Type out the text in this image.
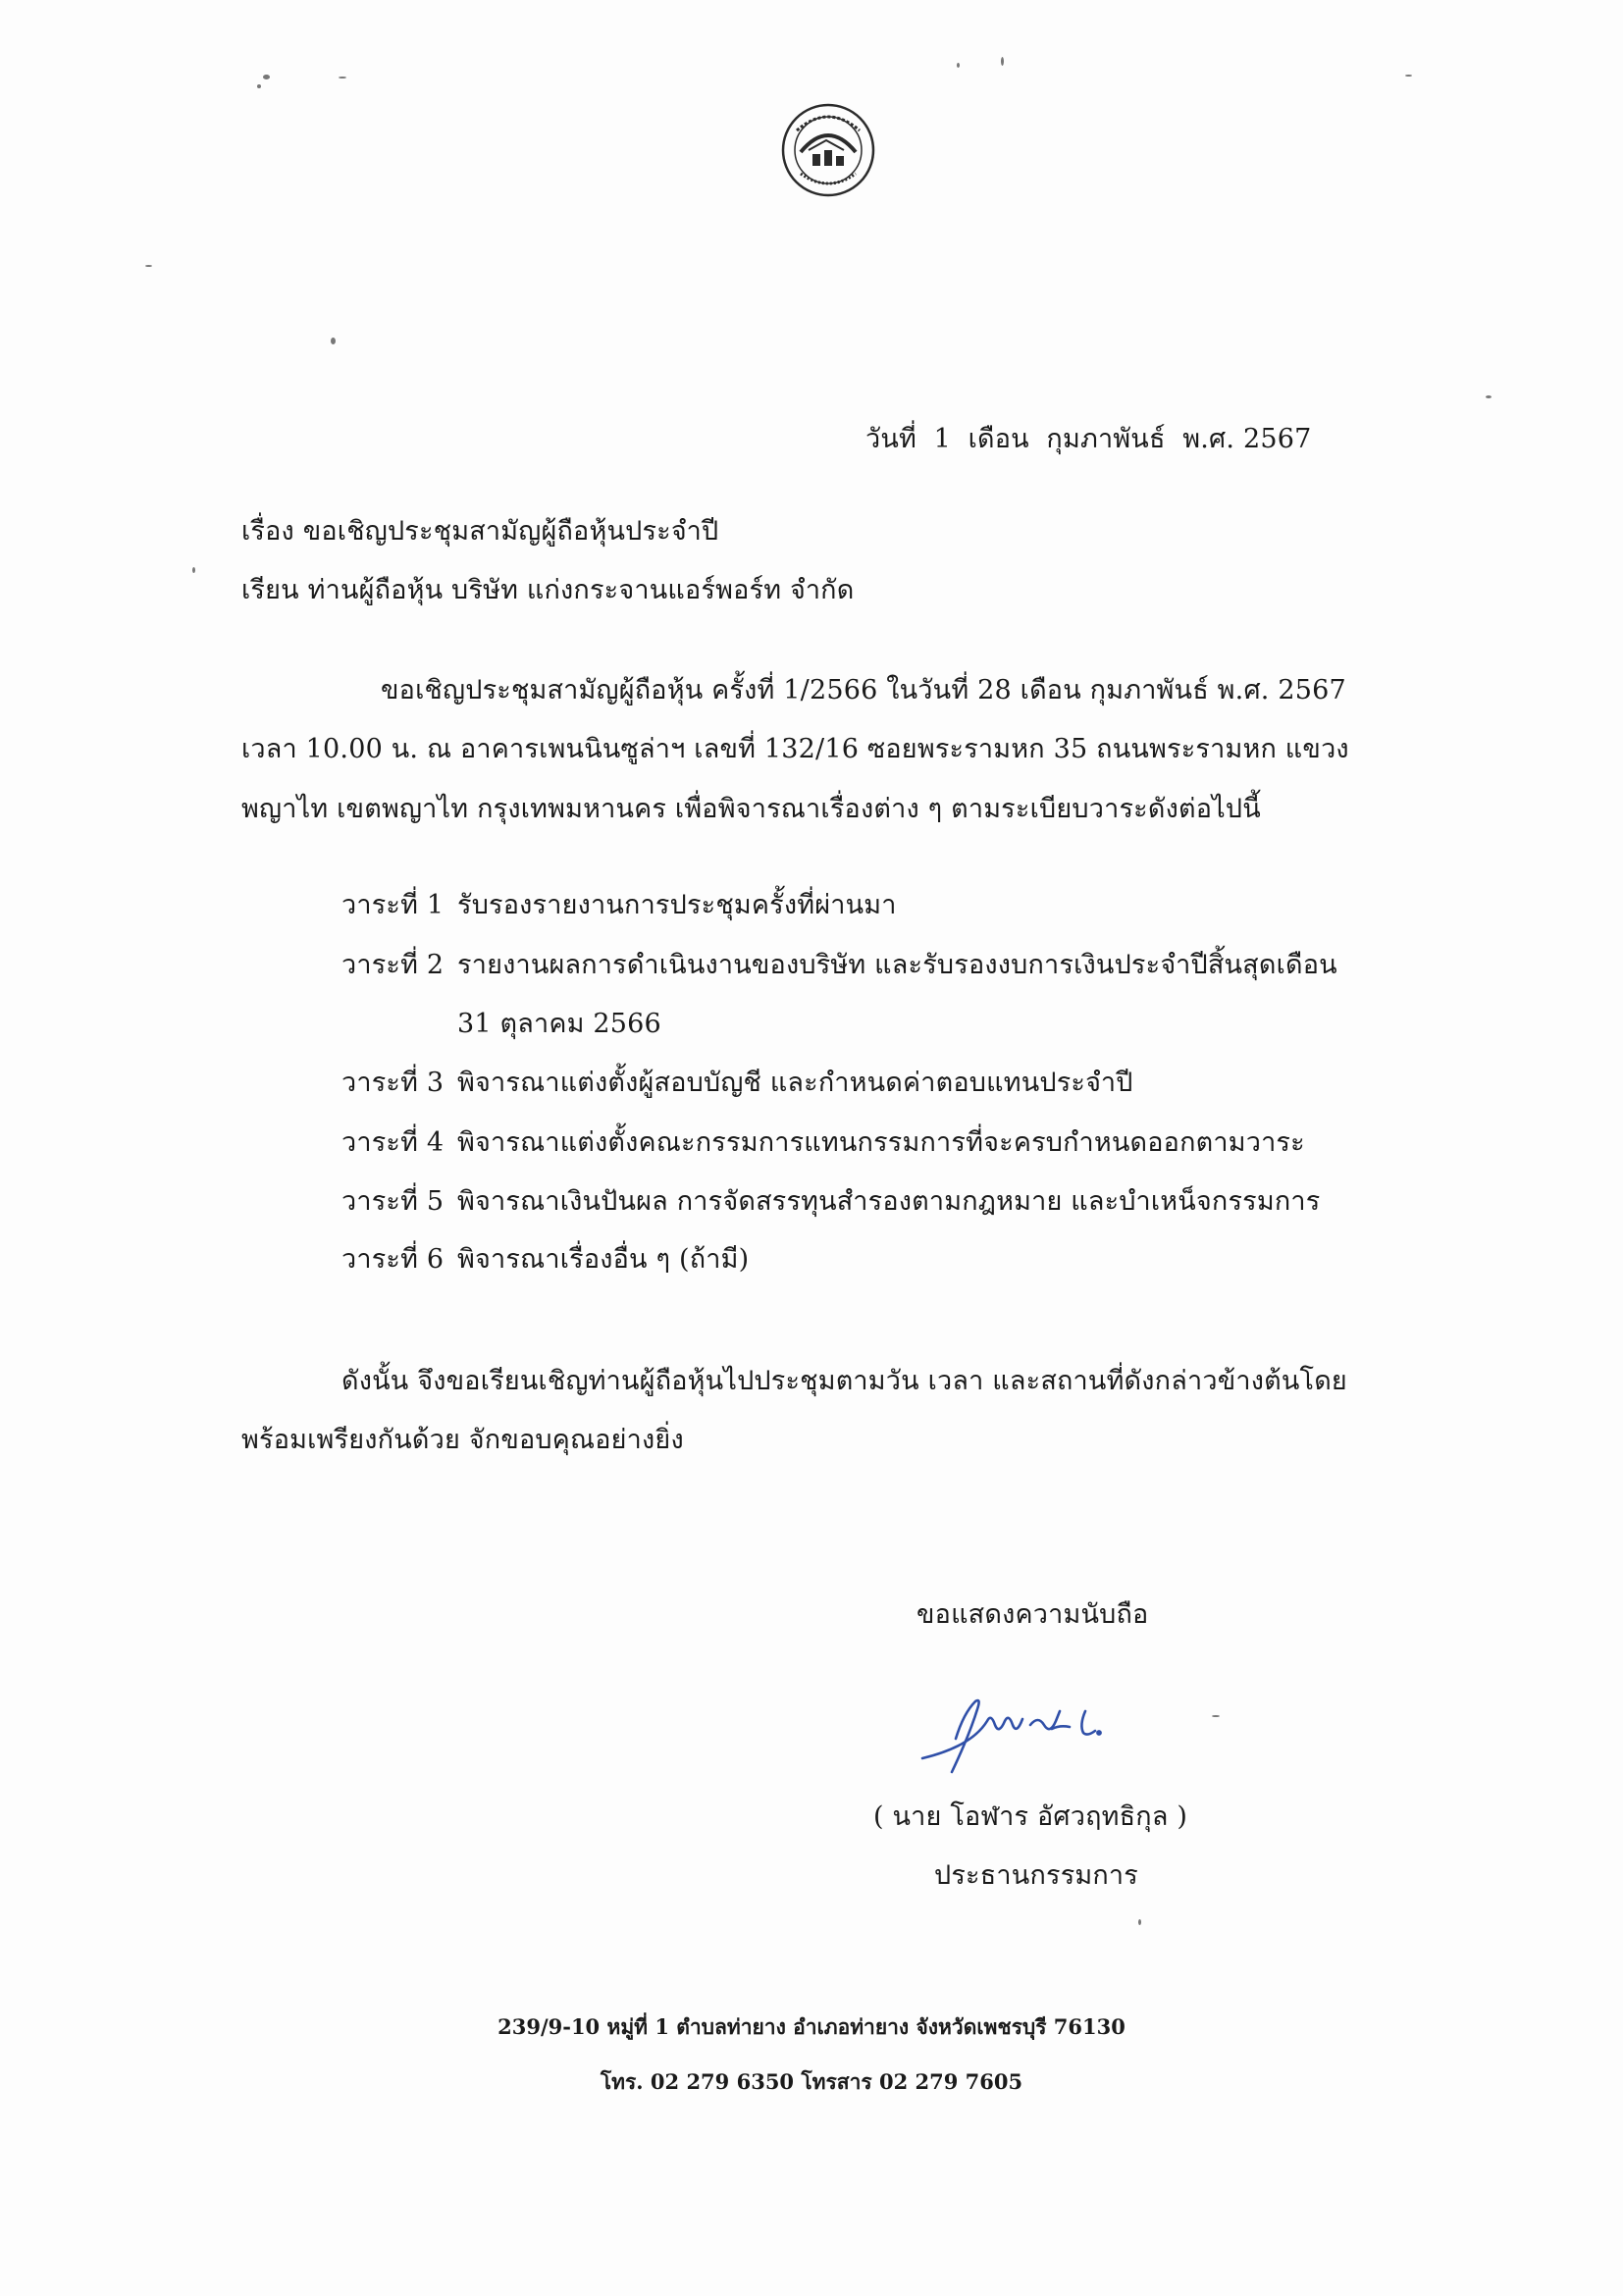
วันที่ 1 เดือน กุมภาพันธ์ พ.ศ. 2567
เรื่อง ขอเชิญประชุมสามัญผู้ถือหุ้นประจำปี
เรียน ท่านผู้ถือหุ้น บริษัท แก่งกระจานแอร์พอร์ท จำกัด
ขอเชิญประชุมสามัญผู้ถือหุ้น ครั้งที่ 1/2566 ในวันที่ 28 เดือน กุมภาพันธ์ พ.ศ. 2567
เวลา 10.00 น. ณ อาคารเพนนินซูล่าฯ เลขที่ 132/16 ซอยพระรามหก 35 ถนนพระรามหก แขวง
พญาไท เขตพญาไท กรุงเทพมหานคร เพื่อพิจารณาเรื่องต่าง ๆ ตามระเบียบวาระดังต่อไปนี้
วาระที่ 1 รับรองรายงานการประชุมครั้งที่ผ่านมา
วาระที่ 2 รายงานผลการดำเนินงานของบริษัท และรับรองงบการเงินประจำปีสิ้นสุดเดือน
31 ตุลาคม 2566
วาระที่ 3 พิจารณาแต่งตั้งผู้สอบบัญชี และกำหนดค่าตอบแทนประจำปี
วาระที่ 4 พิจารณาแต่งตั้งคณะกรรมการแทนกรรมการที่จะครบกำหนดออกตามวาระ
วาระที่ 5 พิจารณาเงินปันผล การจัดสรรทุนสำรองตามกฎหมาย และบำเหน็จกรรมการ
วาระที่ 6 พิจารณาเรื่องอื่น ๆ (ถ้ามี)
ดังนั้น จึงขอเรียนเชิญท่านผู้ถือหุ้นไปประชุมตามวัน เวลา และสถานที่ดังกล่าวข้างต้นโดย
พร้อมเพรียงกันด้วย จักขอบคุณอย่างยิ่ง
ขอแสดงความนับถือ
( นาย โอฬาร อัศวฤทธิกุล )
ประธานกรรมการ
239/9-10 หมู่ที่ 1 ตำบลท่ายาง อำเภอท่ายาง จังหวัดเพชรบุรี 76130
โทร. 02 279 6350 โทรสาร 02 279 7605
